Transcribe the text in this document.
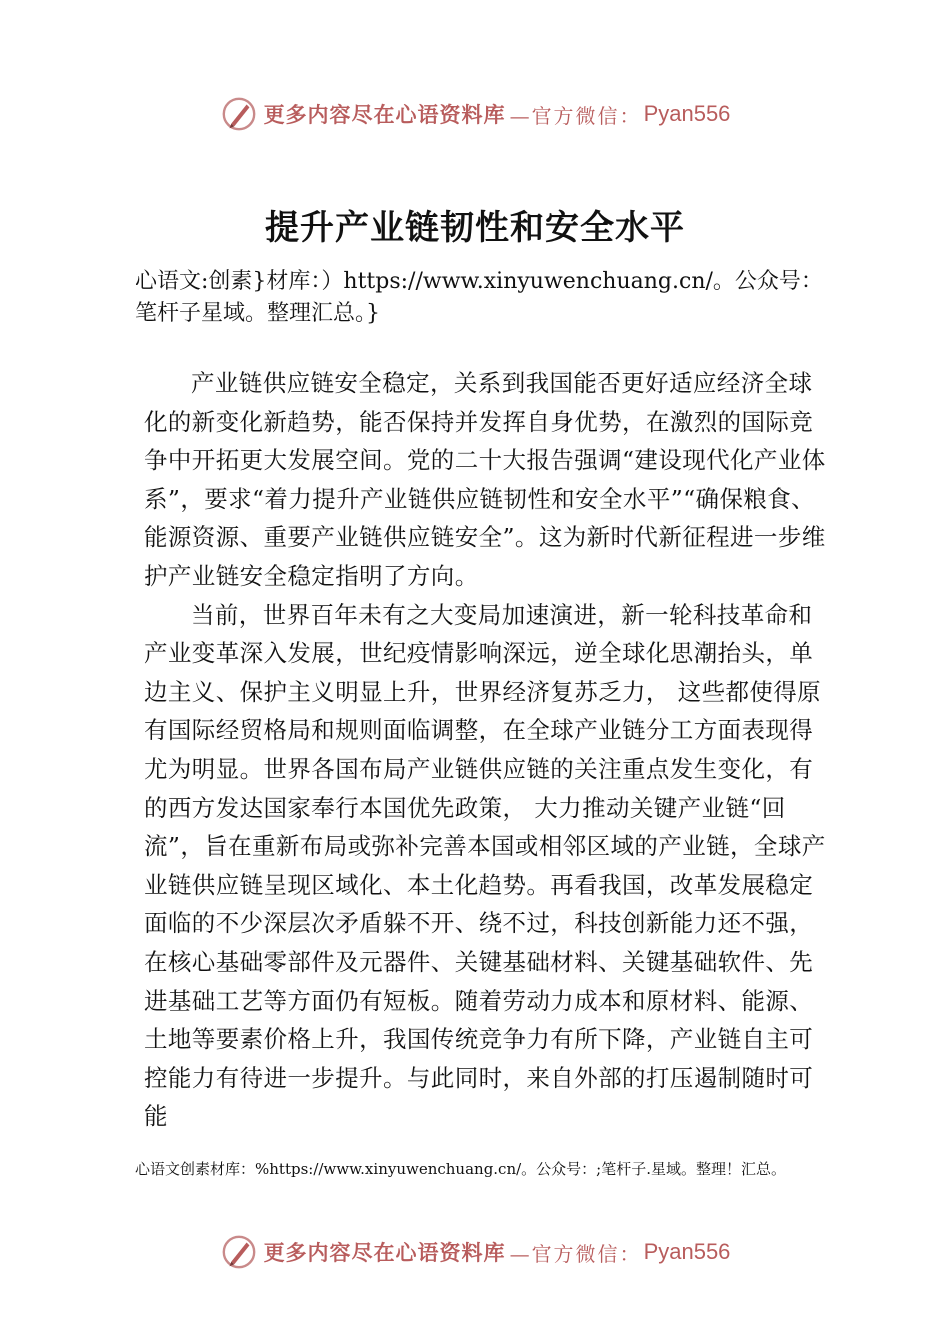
更多内容尽在心语资料库 —官方微信： Pyan556
提升产业链韧性和安全水平
心语文:创素}材库：）https://www.xinyuwenchuang.cn/。公众号：笔杆子星域。整理汇总。}

产业链供应链安全稳定，关系到我国能否更好适应经济全球化的新变化新趋势，能否保持并发挥自身优势，在激烈的国际竞争中开拓更大发展空间。党的二十大报告强调“建设现代化产业体系”，要求“着力提升产业链供应链韧性和安全水平”“确保粮食、能源资源、重要产业链供应链安全”。这为新时代新征程进一步维护产业链安全稳定指明了方向。

当前，世界百年未有之大变局加速演进，新一轮科技革命和产业变革深入发展，世纪疫情影响深远，逆全球化思潮抬头，单边主义、保护主义明显上升，世界经济复苏乏力， 这些都使得原有国际经贸格局和规则面临调整，在全球产业链分工方面表现得尤为明显。世界各国布局产业链供应链的关注重点发生变化，有的西方发达国家奉行本国优先政策， 大力推动关键产业链“回流”，旨在重新布局或弥补完善本国或相邻区域的产业链，全球产业链供应链呈现区域化、本土化趋势。再看我国，改革发展稳定面临的不少深层次矛盾躲不开、绕不过，科技创新能力还不强，在核心基础零部件及元器件、关键基础材料、关键基础软件、先进基础工艺等方面仍有短板。随着劳动力成本和原材料、能源、土地等要素价格上升，我国传统竞争力有所下降，产业链自主可控能力有待进一步提升。与此同时，来自外部的打压遏制随时可能

心语文创素材库：%https://www.xinyuwenchuang.cn/。公众号：;笔杆子.星域。整理！汇总。
更多内容尽在心语资料库 —官方微信： Pyan556
